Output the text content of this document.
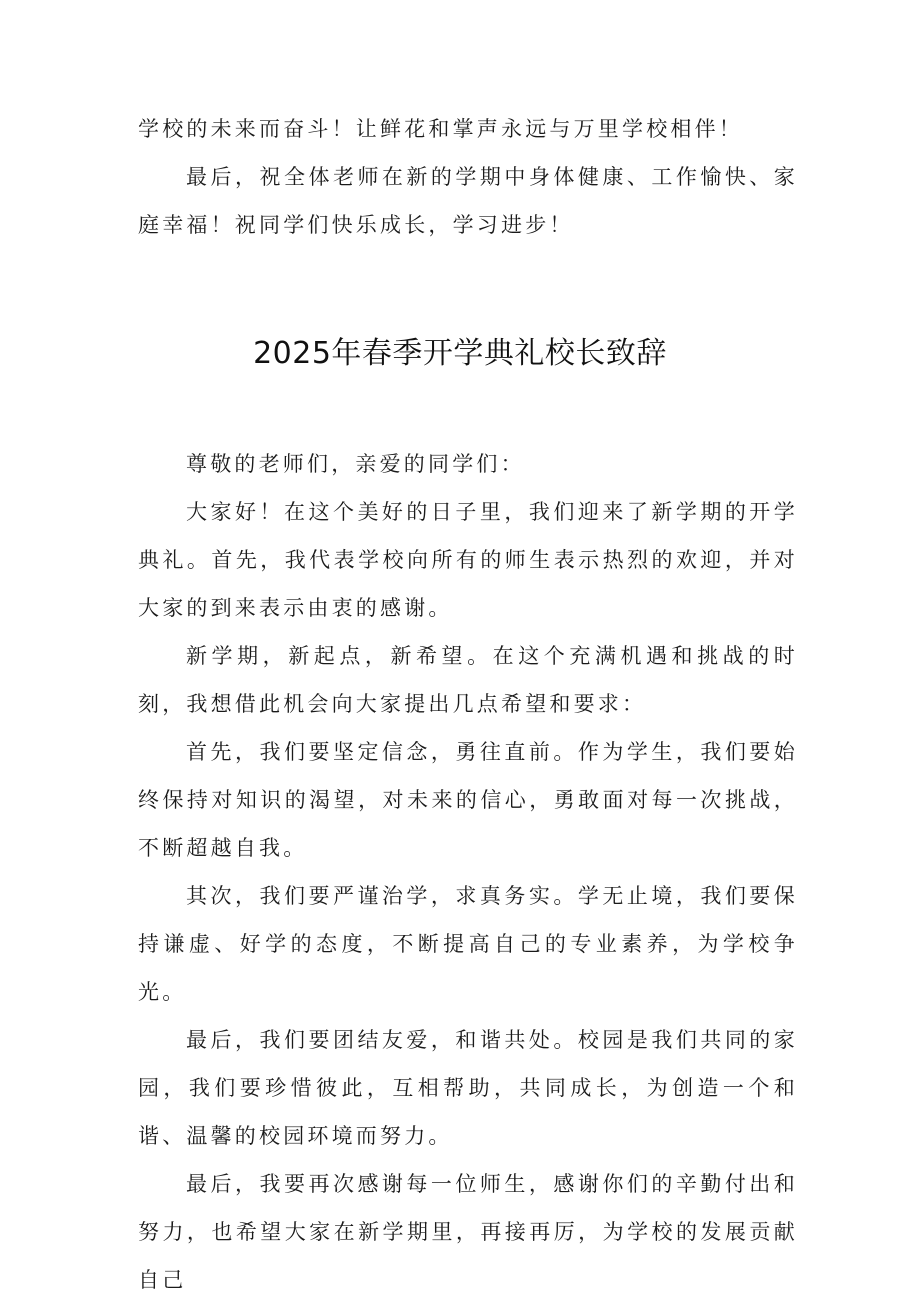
学校的未来而奋斗！让鲜花和掌声永远与万里学校相伴！

最后，祝全体老师在新的学期中身体健康、工作愉快、家庭幸福！祝同学们快乐成长，学习进步！

2025年春季开学典礼校长致辞

尊敬的老师们，亲爱的同学们：

大家好！在这个美好的日子里，我们迎来了新学期的开学典礼。首先，我代表学校向所有的师生表示热烈的欢迎，并对大家的到来表示由衷的感谢。

新学期，新起点，新希望。在这个充满机遇和挑战的时刻，我想借此机会向大家提出几点希望和要求：

首先，我们要坚定信念，勇往直前。作为学生，我们要始终保持对知识的渴望，对未来的信心，勇敢面对每一次挑战，不断超越自我。

其次，我们要严谨治学，求真务实。学无止境，我们要保持谦虚、好学的态度，不断提高自己的专业素养，为学校争光。

最后，我们要团结友爱，和谐共处。校园是我们共同的家园，我们要珍惜彼此，互相帮助，共同成长，为创造一个和谐、温馨的校园环境而努力。

最后，我要再次感谢每一位师生，感谢你们的辛勤付出和努力，也希望大家在新学期里，再接再厉，为学校的发展贡献自己
